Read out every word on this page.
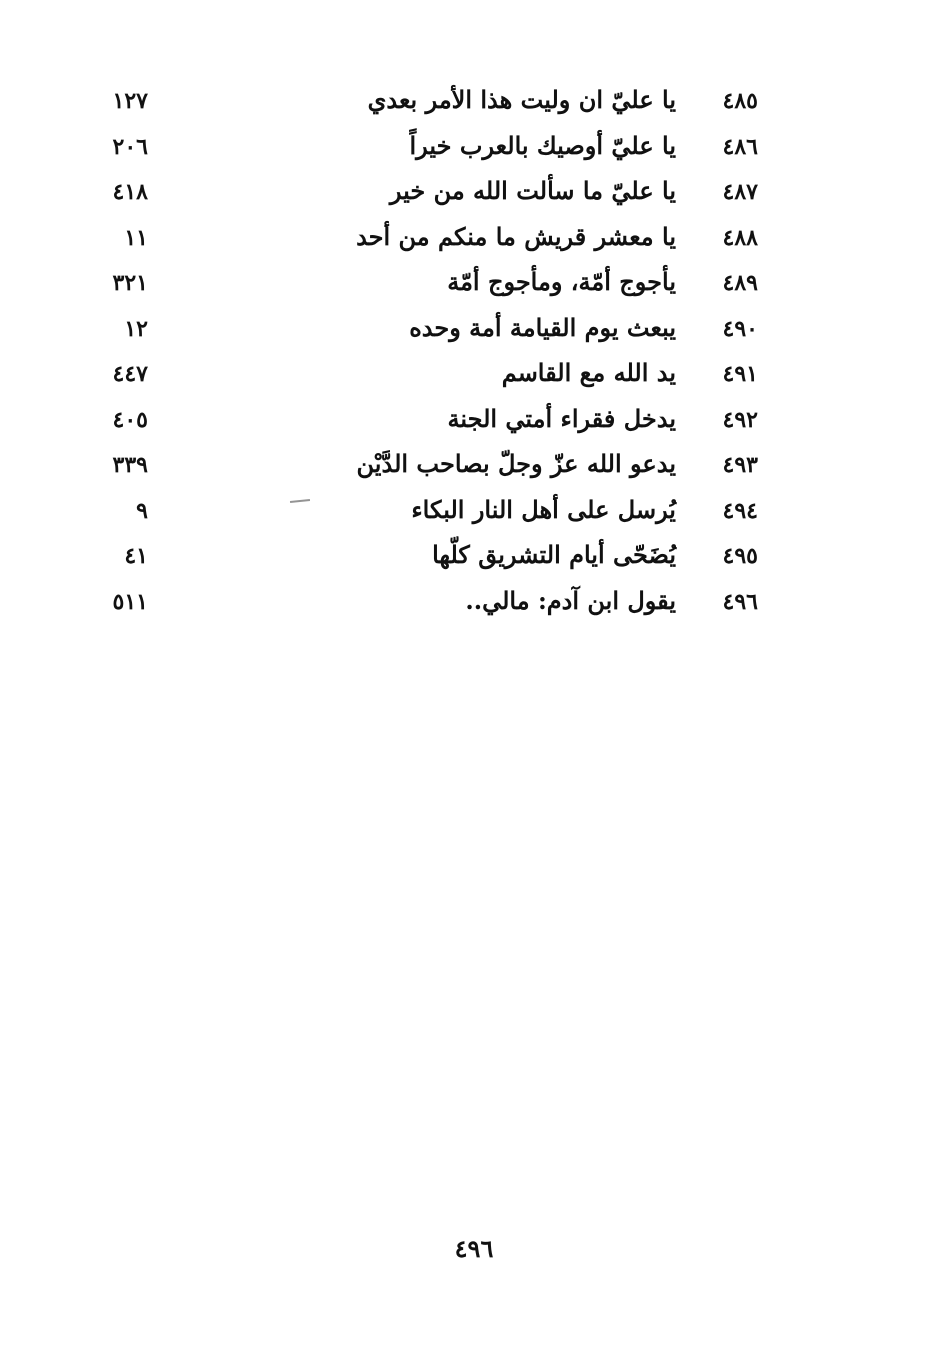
٤٨٥
يا عليّ ان وليت هذا الأمر بعدي
١٢٧
٤٨٦
يا عليّ أوصيك بالعرب خيراً
٢٠٦
٤٨٧
يا عليّ ما سألت الله من خير
٤١٨
٤٨٨
يا معشر قريش ما منكم من أحد
١١
٤٨٩
يأجوج أمّة، ومأجوج أمّة
٣٢١
٤٩٠
يبعث يوم القيامة أمة وحده
١٢
٤٩١
يد الله مع القاسم
٤٤٧
٤٩٢
يدخل فقراء أمتي الجنة
٤٠٥
٤٩٣
يدعو الله عزّ وجلّ بصاحب الدَّيْن
٣٣٩
٤٩٤
يُرسل على أهل النار البكاء
٩
٤٩٥
يُضَحّى أيام التشريق كلّها
٤١
٤٩٦
يقول ابن آدم: مالي..
٥١١
٤٩٦
